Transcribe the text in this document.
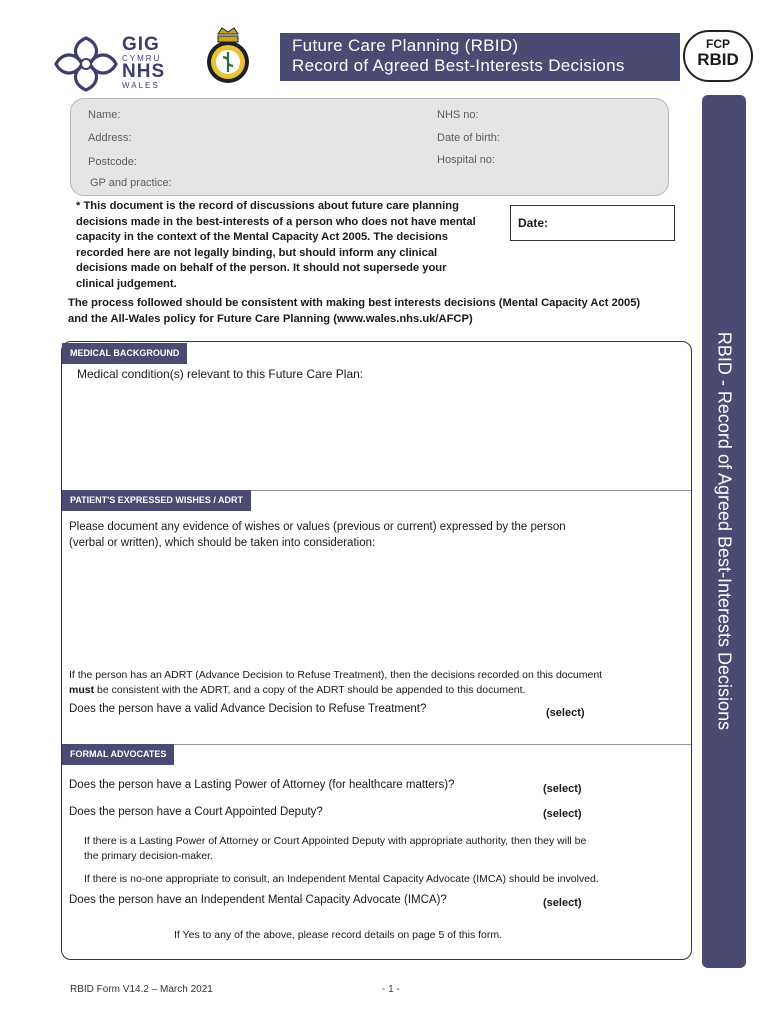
GIG
CYMRU
NHS
WALES
Future Care Planning (RBID)
Record of Agreed Best-Interests Decisions
FCP
RBID
RBID - Record of Agreed Best-Interests Decisions
Name:
Address:
Postcode:
GP and practice:
NHS no:
Date of birth:
Hospital no:
* This document is the record of discussions about future care planning
decisions made in the best-interests of a person who does not have mental
capacity in the context of the Mental Capacity Act 2005. The decisions
recorded here are not legally binding, but should inform any clinical
decisions made on behalf of the person. It should not supersede your
clinical judgement.
Date:
The process followed should be consistent with making best interests decisions (Mental Capacity Act 2005)
and the All-Wales policy for Future Care Planning (www.wales.nhs.uk/AFCP)
MEDICAL BACKGROUND
Medical condition(s) relevant to this Future Care Plan:
PATIENT'S EXPRESSED WISHES / ADRT
Please document any evidence of wishes or values (previous or current) expressed by the person
(verbal or written), which should be taken into consideration:
If the person has an ADRT (Advance Decision to Refuse Treatment), then the decisions recorded on this document
must be consistent with the ADRT, and a copy of the ADRT should be appended to this document.
Does the person have a valid Advance Decision to Refuse Treatment?	(select)
FORMAL ADVOCATES
Does the person have a Lasting Power of Attorney (for healthcare matters)?	(select)
Does the person have a Court Appointed Deputy?	(select)
If there is a Lasting Power of Attorney or Court Appointed Deputy with appropriate authority, then they will be
the primary decision-maker.
If there is no-one appropriate to consult, an Independent Mental Capacity Advocate (IMCA) should be involved.
Does the person have an Independent Mental Capacity Advocate (IMCA)?	(select)
If Yes to any of the above, please record details on page 5 of this form.
RBID Form V14.2 – March 2021	- 1 -
